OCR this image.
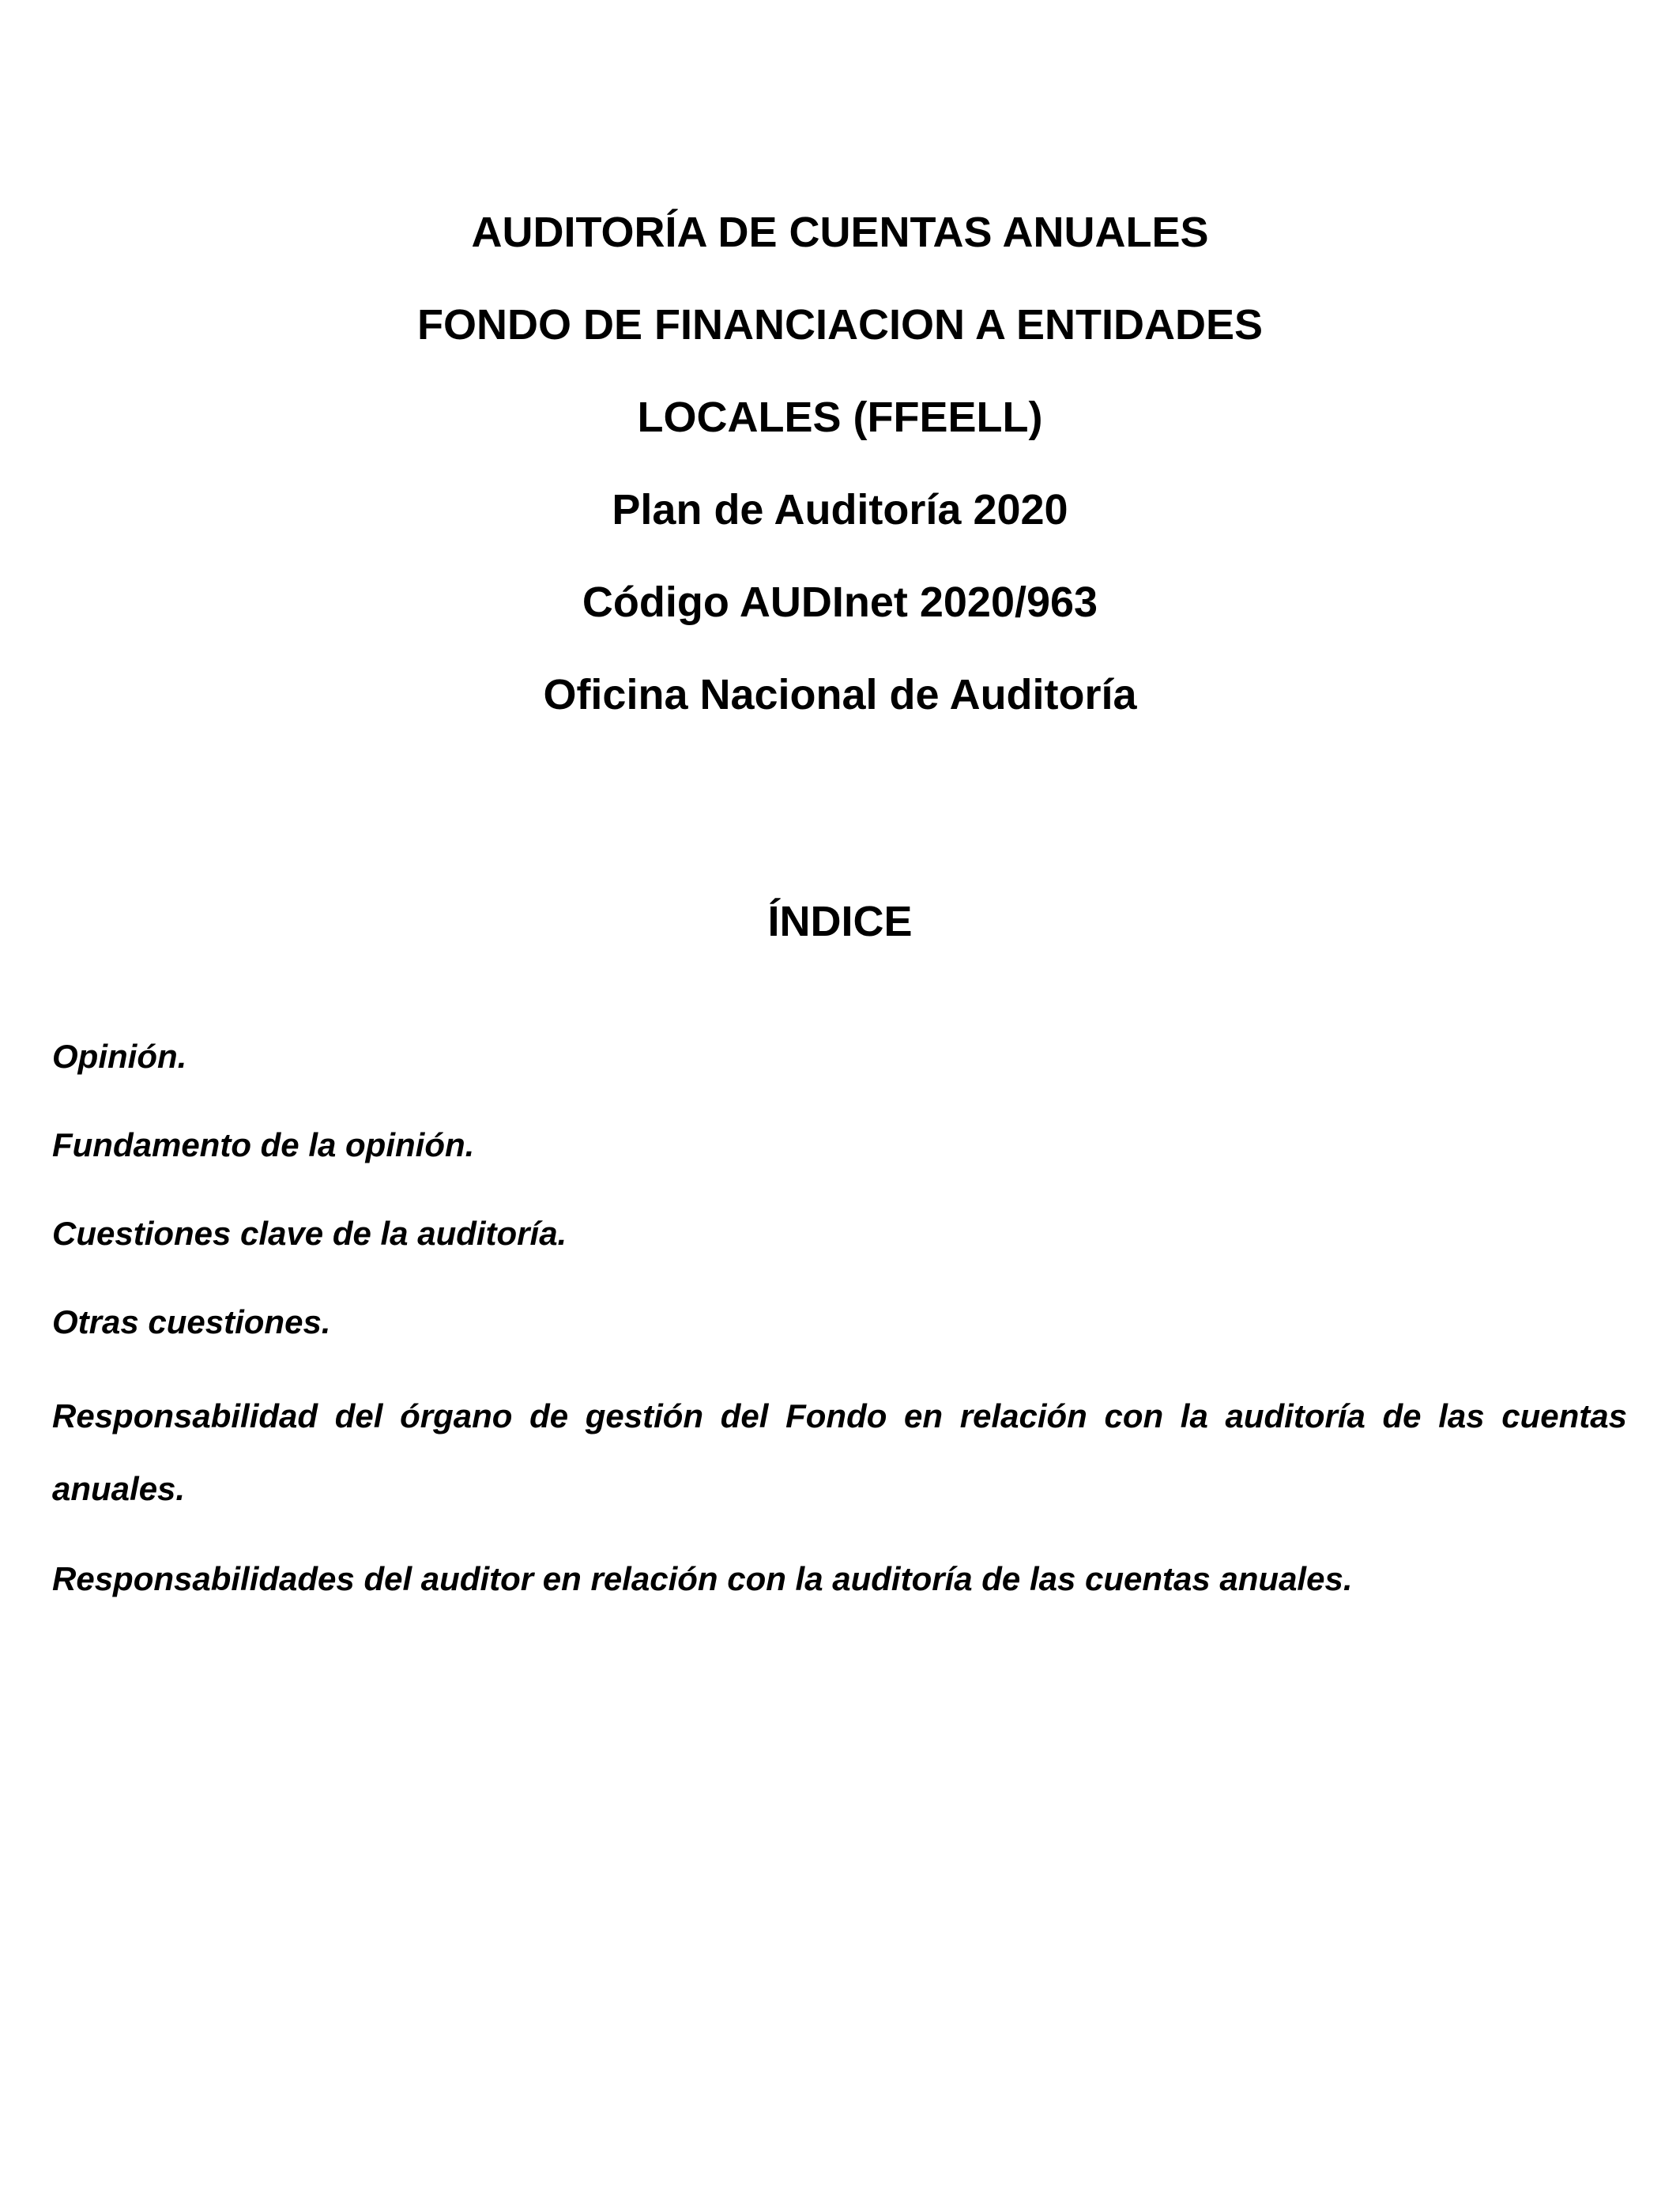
AUDITORÍA DE CUENTAS ANUALES

FONDO DE FINANCIACION A ENTIDADES

LOCALES (FFEELL)

Plan de Auditoría 2020

Código AUDInet 2020/963

Oficina Nacional de Auditoría

ÍNDICE

Opinión.

Fundamento de la opinión.

Cuestiones clave de la auditoría.

Otras cuestiones.

Responsabilidad del órgano de gestión del Fondo en relación con la auditoría de las cuentas

anuales.

Responsabilidades del auditor en relación con la auditoría de las cuentas anuales.
